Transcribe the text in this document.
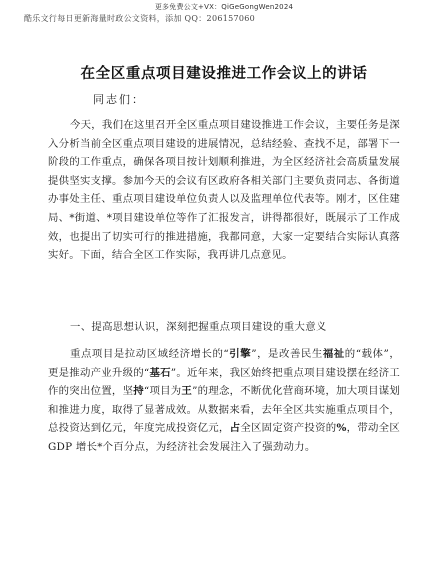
更多免费公文+VX：QiGeGongWen2024
酷乐文行每日更新海量时政公文资料，添加 QQ：206157060
在全区重点项目建设推进工作会议上的讲话
同志们：

今天，我们在这里召开全区重点项目建设推进工作会议，主要任务是深入分析当前全区重点项目建设的进展情况，总结经验、查找不足，部署下一阶段的工作重点，确保各项目按计划顺利推进，为全区经济社会高质量发展提供坚实支撑。参加今天的会议有区政府各相关部门主要负责同志、各街道办事处主任、重点项目建设单位负责人以及监理单位代表等。刚才，区住建局、*街道、*项目建设单位等作了汇报发言，讲得都很好，既展示了工作成效，也提出了切实可行的推进措施，我都同意，大家一定要结合实际认真落实好。下面，结合全区工作实际，我再讲几点意见。

一、提高思想认识，深刻把握重点项目建设的重大意义

重点项目是拉动区域经济增长的“引擎”，是改善民生福祉的“载体”，更是推动产业升级的“基石”。近年来，我区始终把重点项目建设摆在经济工作的突出位置，坚持“项目为王”的理念，不断优化营商环境，加大项目谋划和推进力度，取得了显著成效。从数据来看，去年全区共实施重点项目个，总投资达到亿元，年度完成投资亿元，占全区固定资产投资的%，带动全区 GDP 增长*个百分点，为经济社会发展注入了强劲动力。
